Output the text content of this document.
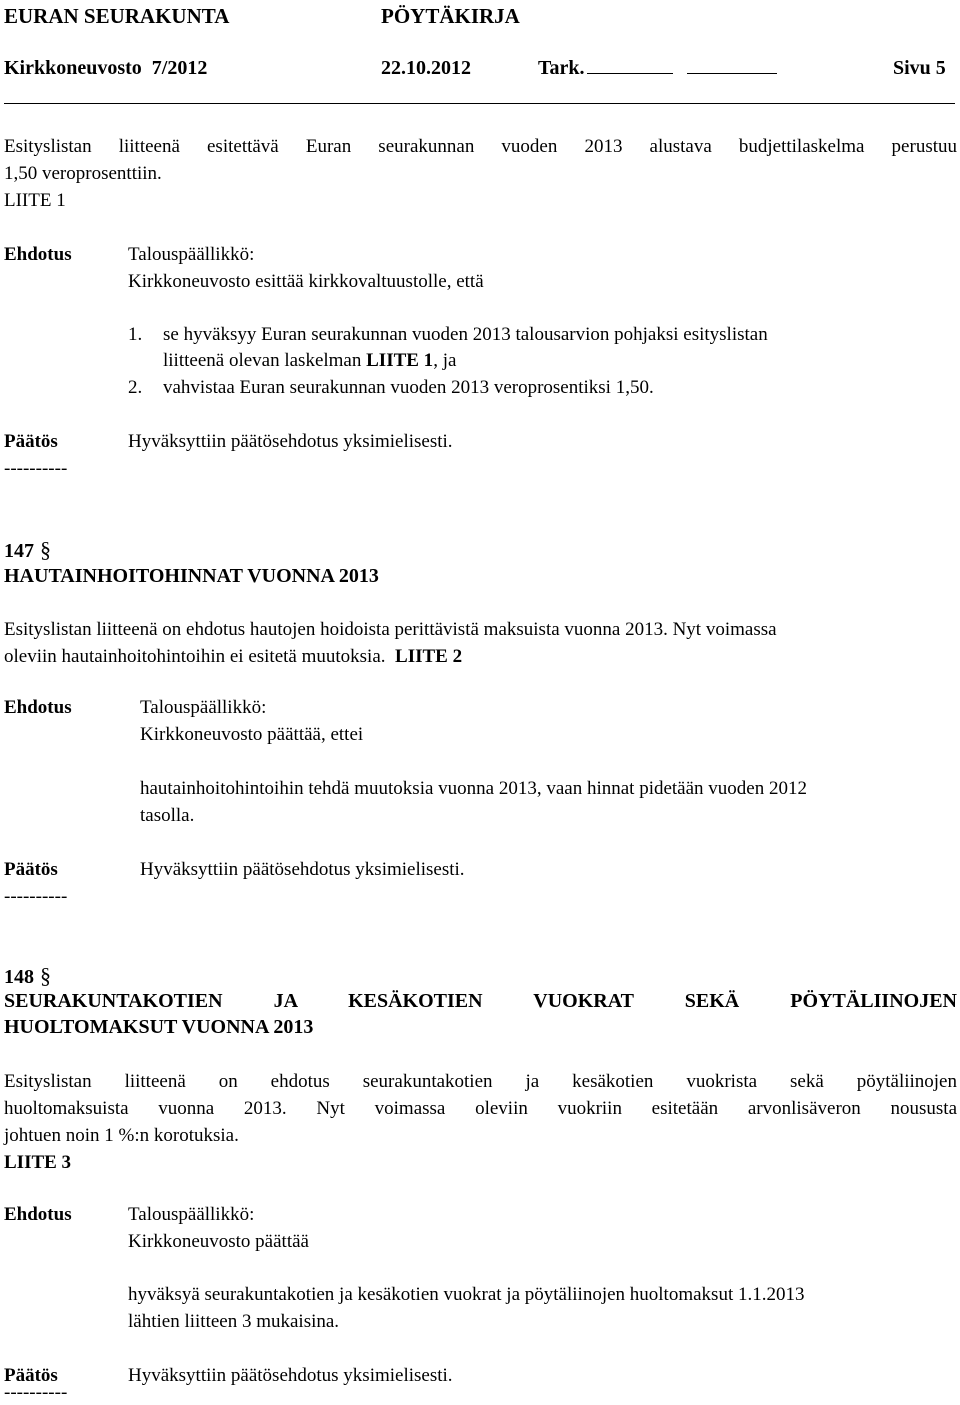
EURAN SEURAKUNTA	PÖYTÄKIRJA
Kirkkoneuvosto  7/2012	22.10.2012	Tark.	Sivu 5
Esityslistan liitteenä esitettävä Euran seurakunnan vuoden 2013 alustava budjettilaskelma perustuu
1,50 veroprosenttiin.
LIITE 1
Ehdotus	Talouspäällikkö:
Kirkkoneuvosto esittää kirkkovaltuustolle, että
1. se hyväksyy Euran seurakunnan vuoden 2013 talousarvion pohjaksi esityslistan
liitteenä olevan laskelman LIITE 1, ja
2. vahvistaa Euran seurakunnan vuoden 2013 veroprosentiksi 1,50.
Päätös	Hyväksyttiin päätösehdotus yksimielisesti.
----------
147 §
HAUTAINHOITOHINNAT VUONNA 2013
Esityslistan liitteenä on ehdotus hautojen hoidoista perittävistä maksuista vuonna 2013. Nyt voimassa
oleviin hautainhoitohintoihin ei esitetä muutoksia. LIITE 2
Ehdotus	Talouspäällikkö:
Kirkkoneuvosto päättää, ettei
hautainhoitohintoihin tehdä muutoksia vuonna 2013, vaan hinnat pidetään vuoden 2012
tasolla.
Päätös	Hyväksyttiin päätösehdotus yksimielisesti.
----------
148 §
SEURAKUNTAKOTIEN JA KESÄKOTIEN VUOKRAT SEKÄ PÖYTÄLIINOJEN
HUOLTOMAKSUT VUONNA 2013
Esityslistan liitteenä on ehdotus seurakuntakotien ja kesäkotien vuokrista sekä pöytäliinojen
huoltomaksuista vuonna 2013. Nyt voimassa oleviin vuokriin esitetään arvonlisäveron noususta
johtuen noin 1 %:n korotuksia.
LIITE 3
Ehdotus	Talouspäällikkö:
Kirkkoneuvosto päättää
hyväksyä seurakuntakotien ja kesäkotien vuokrat ja pöytäliinojen huoltomaksut 1.1.2013
lähtien liitteen 3 mukaisina.
Päätös	Hyväksyttiin päätösehdotus yksimielisesti.
----------
